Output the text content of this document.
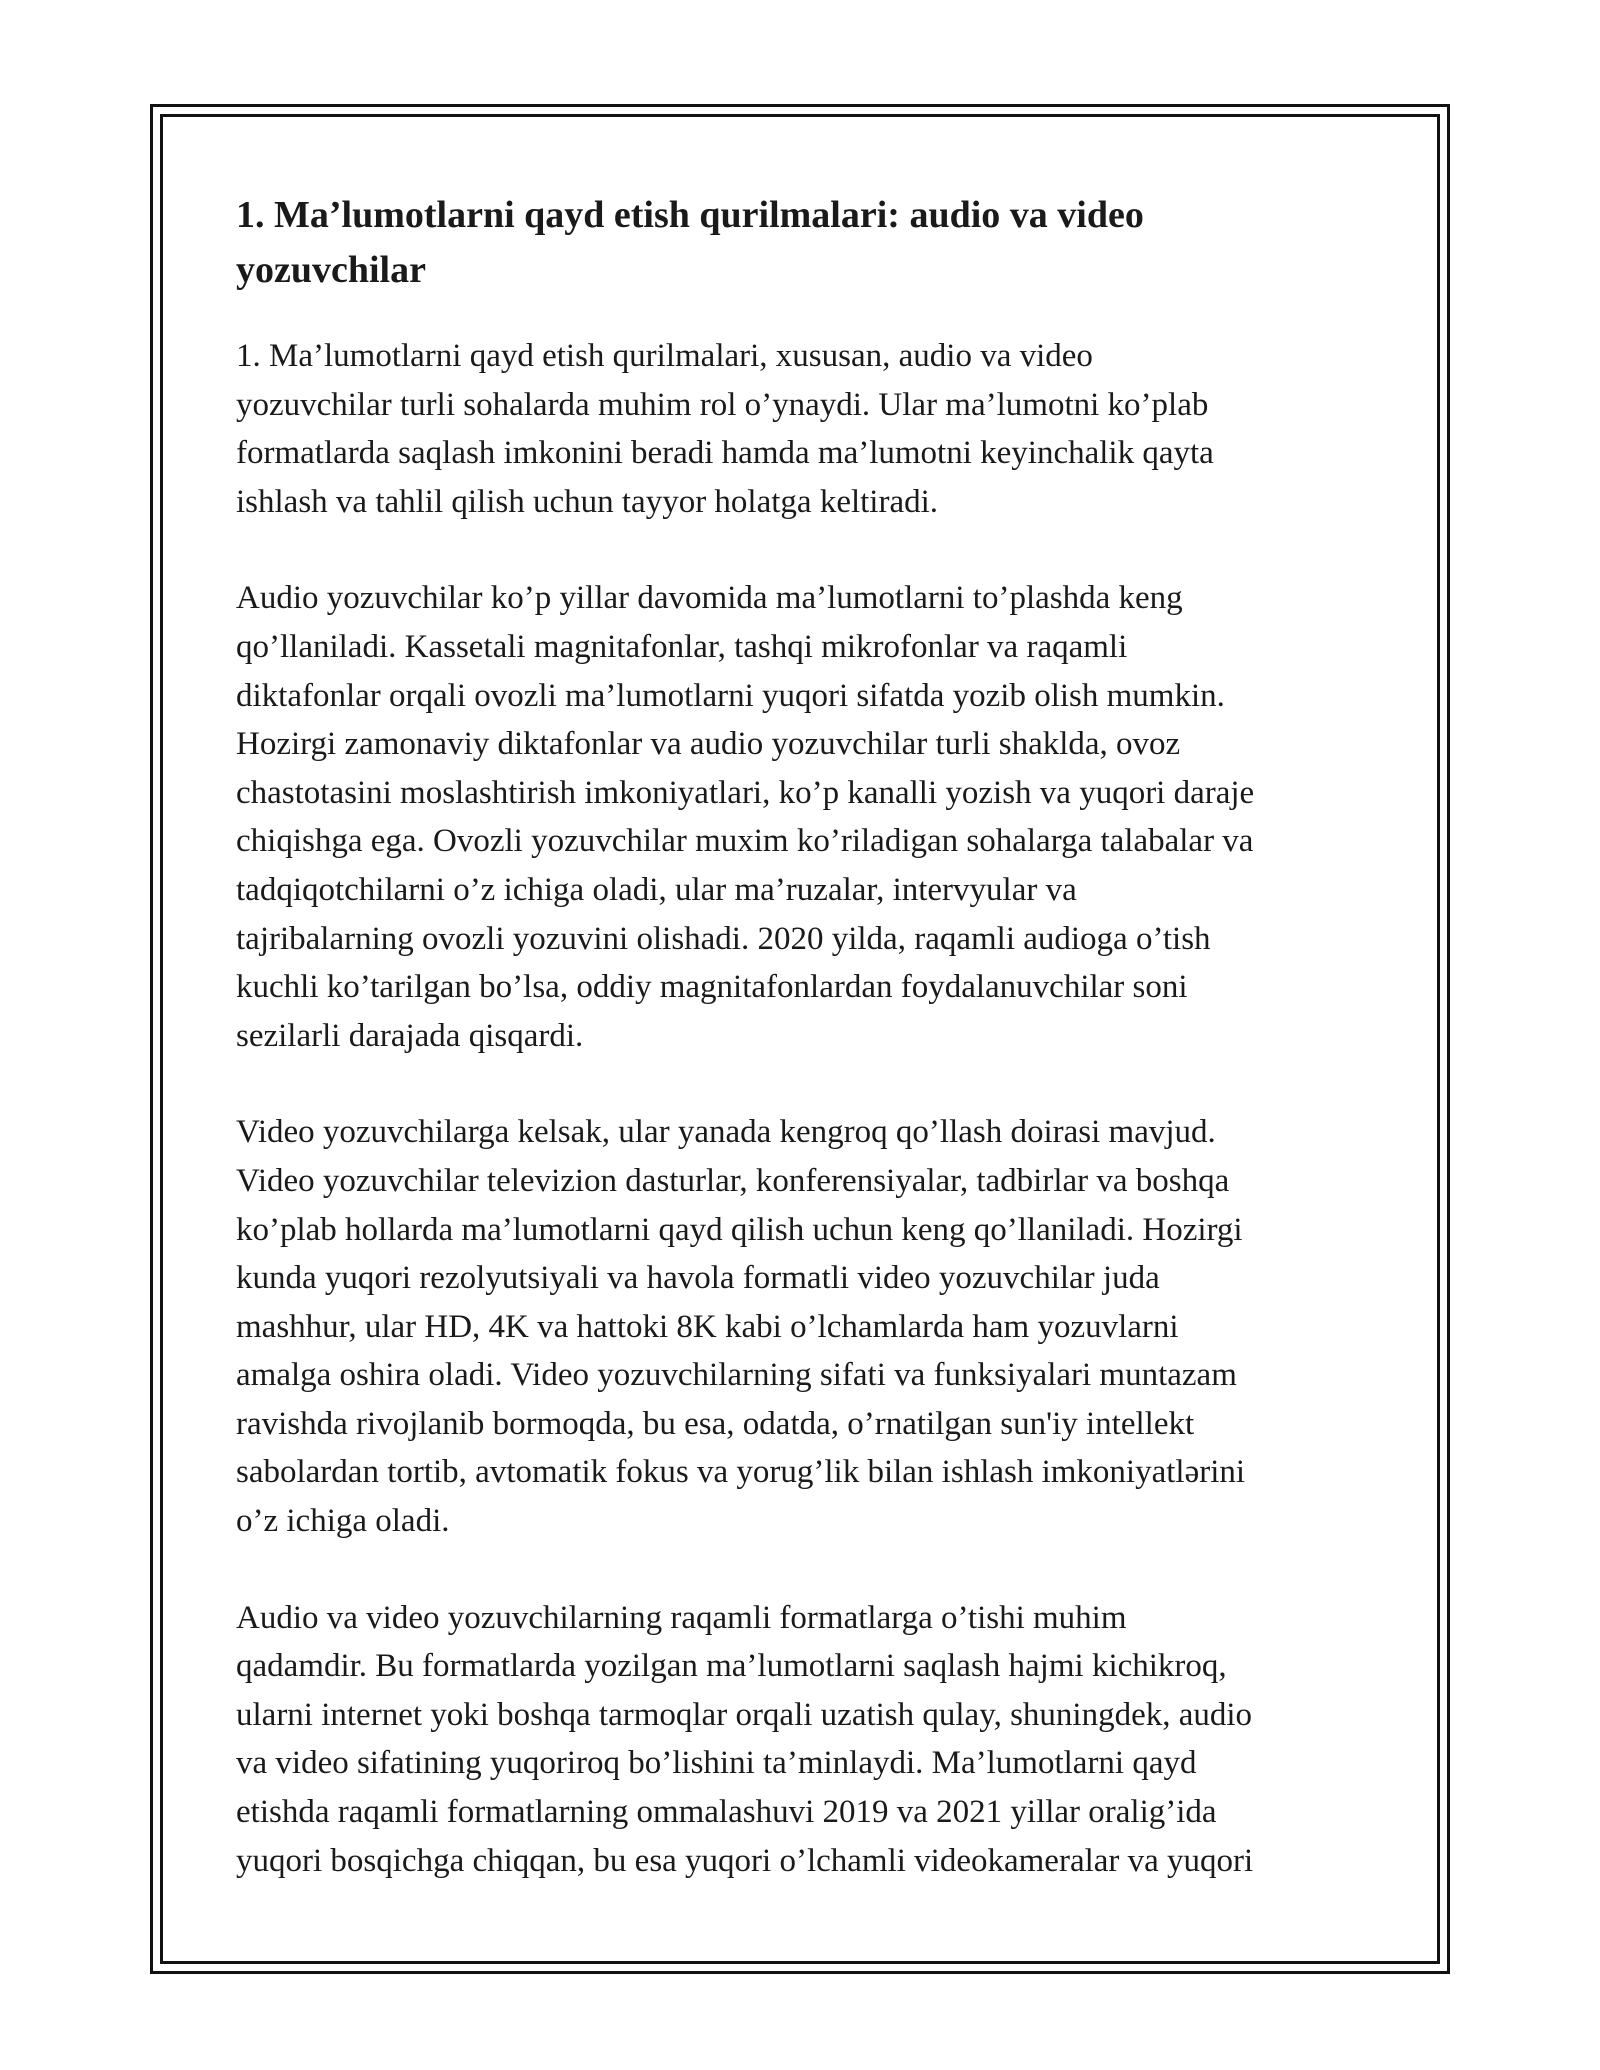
1. Ma’lumotlarni qayd etish qurilmalari: audio va video
yozuvchilar

1. Ma’lumotlarni qayd etish qurilmalari, xususan, audio va video
yozuvchilar turli sohalarda muhim rol o’ynaydi. Ular ma’lumotni ko’plab
formatlarda saqlash imkonini beradi hamda ma’lumotni keyinchalik qayta
ishlash va tahlil qilish uchun tayyor holatga keltiradi.

Audio yozuvchilar ko’p yillar davomida ma’lumotlarni to’plashda keng
qo’llaniladi. Kassetali magnitafonlar, tashqi mikrofonlar va raqamli
diktafonlar orqali ovozli ma’lumotlarni yuqori sifatda yozib olish mumkin.
Hozirgi zamonaviy diktafonlar va audio yozuvchilar turli shaklda, ovoz
chastotasini moslashtirish imkoniyatlari, ko’p kanalli yozish va yuqori daraje
chiqishga ega. Ovozli yozuvchilar muxim ko’riladigan sohalarga talabalar va
tadqiqotchilarni o’z ichiga oladi, ular ma’ruzalar, intervyular va
tajribalarning ovozli yozuvini olishadi. 2020 yilda, raqamli audioga o’tish
kuchli ko’tarilgan bo’lsa, oddiy magnitafonlardan foydalanuvchilar soni
sezilarli darajada qisqardi.

Video yozuvchilarga kelsak, ular yanada kengroq qo’llash doirasi mavjud.
Video yozuvchilar televizion dasturlar, konferensiyalar, tadbirlar va boshqa
ko’plab hollarda ma’lumotlarni qayd qilish uchun keng qo’llaniladi. Hozirgi
kunda yuqori rezolyutsiyali va havola formatli video yozuvchilar juda
mashhur, ular HD, 4K va hattoki 8K kabi o’lchamlarda ham yozuvlarni
amalga oshira oladi. Video yozuvchilarning sifati va funksiyalari muntazam
ravishda rivojlanib bormoqda, bu esa, odatda, o’rnatilgan sun'iy intellekt
sabolardan tortib, avtomatik fokus va yorug’lik bilan ishlash imkoniyatlərini
o’z ichiga oladi.

Audio va video yozuvchilarning raqamli formatlarga o’tishi muhim
qadamdir. Bu formatlarda yozilgan ma’lumotlarni saqlash hajmi kichikroq,
ularni internet yoki boshqa tarmoqlar orqali uzatish qulay, shuningdek, audio
va video sifatining yuqoriroq bo’lishini ta’minlaydi. Ma’lumotlarni qayd
etishda raqamli formatlarning ommalashuvi 2019 va 2021 yillar oralig’ida
yuqori bosqichga chiqqan, bu esa yuqori o’lchamli videokameralar va yuqori
